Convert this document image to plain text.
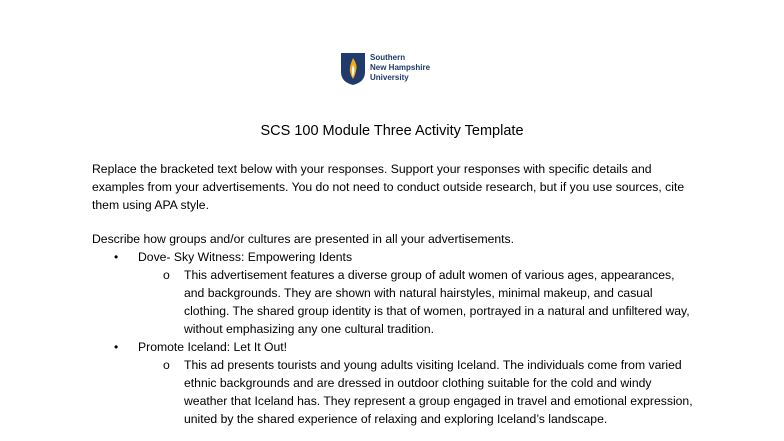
Southern
New Hampshire
University
SCS 100 Module Three Activity Template
Replace the bracketed text below with your responses. Support your responses with specific details and examples from your advertisements. You do not need to conduct outside research, but if you use sources, cite them using APA style.
Describe how groups and/or cultures are presented in all your advertisements.
• Dove- Sky Witness: Empowering Idents
o This advertisement features a diverse group of adult women of various ages, appearances, and backgrounds. They are shown with natural hairstyles, minimal makeup, and casual clothing. The shared group identity is that of women, portrayed in a natural and unfiltered way, without emphasizing any one cultural tradition.
• Promote Iceland: Let It Out!
o This ad presents tourists and young adults visiting Iceland. The individuals come from varied ethnic backgrounds and are dressed in outdoor clothing suitable for the cold and windy weather that Iceland has. They represent a group engaged in travel and emotional expression, united by the shared experience of relaxing and exploring Iceland’s landscape.
